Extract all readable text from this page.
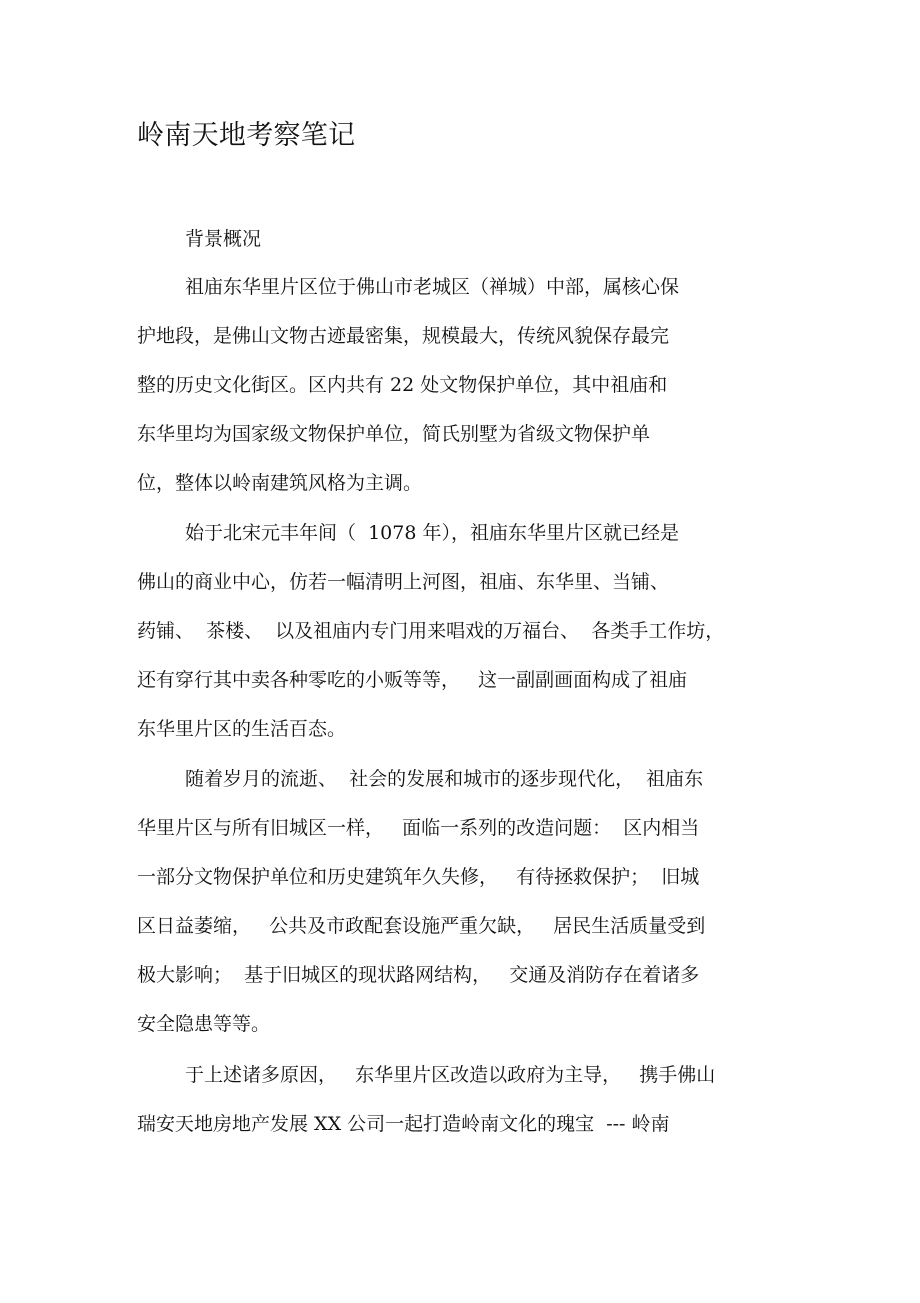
岭南天地考察笔记
背景概况
祖庙东华里片区位于佛山市老城区（禅城）中部，属核心保
护地段，是佛山文物古迹最密集，规模最大，传统风貌保存最完
整的历史文化街区。区内共有 22 处文物保护单位，其中祖庙和
东华里均为国家级文物保护单位，简氏别墅为省级文物保护单
位，整体以岭南建筑风格为主调。
始于北宋元丰年间（  1078 年），祖庙东华里片区就已经是
佛山的商业中心，仿若一幅清明上河图，祖庙、东华里、当铺、
药铺、  茶楼、  以及祖庙内专门用来唱戏的万福台、  各类手工作坊，
还有穿行其中卖各种零吃的小贩等等，   这一副副画面构成了祖庙
东华里片区的生活百态。
随着岁月的流逝、  社会的发展和城市的逐步现代化，  祖庙东
华里片区与所有旧城区一样，   面临一系列的改造问题：  区内相当
一部分文物保护单位和历史建筑年久失修，   有待拯救保护；  旧城
区日益萎缩，   公共及市政配套设施严重欠缺，   居民生活质量受到
极大影响；  基于旧城区的现状路网结构，   交通及消防存在着诸多
安全隐患等等。
于上述诸多原因，   东华里片区改造以政府为主导，   携手佛山
瑞安天地房地产发展 XX 公司一起打造岭南文化的瑰宝  --- 岭南
